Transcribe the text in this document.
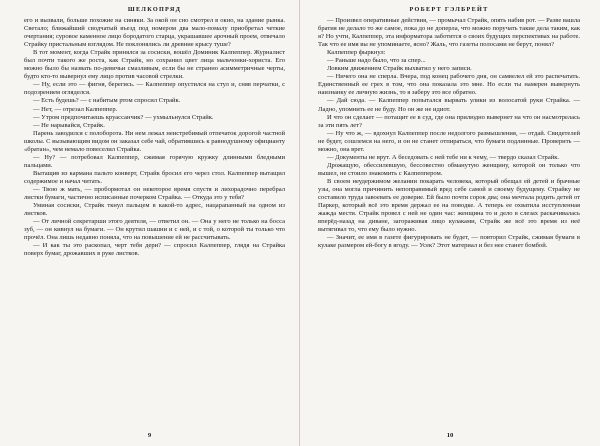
ШЕЛКОПРЯД

его и вызвали, больше похожие на синяки. За окой он сно смотрел в окно, на здание рынка. Светало; ближайший сводчатый въезд под номером два мало-помалу приобретал четкие очертания; суровое каменное лицо бородатого старца, украшавшее арочный проем, отвечало Страйку пристальным взглядом. Не поклонялись ли древние крысу туше?

В тот момент, когда Страйк принялся за сосиски, вошёл Доминик Калпеппер. Журналист был почти такого же роста, как Страйк, но сохранил цвет лица мальчонки-хориста. Его можно было бы назвать по-девичьи смазливым, если бы не странно асимметричные черты, будто кто-то вывернул ему лицо против часовой стрелки.

— Ну, если это — фигня, берегись. — Калпеппер опустился на стул и, сняв перчатки, с подозрением огляделся.

— Есть будешь? — с набитым ртом спросил Страйк.

— Нет, — отрезал Калпеппер.

— Утром предпочитаешь круассанчик? — ухмыльнулся Страйк.

— Не нарывайся, Страйк.

Парень заводился с полоборота. Ни нем лежал неистребимый отпечаток дорогой частной школы. С вызывающим видом он заказал себе чай, обратившись к равнодушному официанту «братан», чем немало повеселил Страйка.

— Ну? — потребовал Калпеппер, сжимая горячую кружку длинными бледными пальцами.

Вытащив из кармана пальто конверт, Страйк бросил его через стол. Калпеппер вытащил содержимое и начал читать.

— Твою ж мать, — пробормотал он некоторое время спустя и лихорадочно перебрал листки бумаги, частично исписанные почерком Страйка. — Откуда это у тебя?

Уминая сосиски, Страйк ткнул пальцем в какой-то адрес, нацарапанный на одном из листков.

— От личной секретарши этого деятеля, — ответил он. — Она у него не только на босса зуб, — он кивнул на бумаги. — Он крутил шашни и с ней, и с той, о которой ты только что прочёл. Она лишь недавно поняла, что на повышение ей не рассчитывать.

— И как ты это раскопал, черт тебя дери? — спросил Калпеппер, глядя на Страйка поверх бумаг, дрожавших в руке листков.

9
РОБЕРТ ГЭЛБРЕЙТ

— Произвел оперативные действия, — промычал Страйк, опять набив рот. — Разве вашла братия не делало то же самое, пока до не доперла, что можно поручать такие дела таким, как я? Но учти, Калпеппер, эта информатора заботится о своих будущих перспективах на работе. Так что ее имя вы не упоминаете, ясно? Жаль, что газеты полосами не берут, понял?

Калпеппер фыркнул:

— Раньше надо было, что за спер...

Ловким движением Страйк выхватил у него записи.

— Ничего она не сперла. Вчера, под конец рабочего дня, он самвелел ей это распечатать. Единственный ее грех в том, что она показала это мне. Но если ты намерен вывернуть наизнанку ее личную жизнь, то я заберу это все обратно.

— Дай сюда. — Калпеппер попытался вырвать улики из волосатой руки Страйка. — Ладно, упомнить ее не буду. Но он же не идиот.

И что он сделает — потащит ее в суд, где она прилюдно вывернет на что он насмотрелась за эти пять лет?

— Ну что ж, — вдохнул Калпеппер после недолгого размышления, — отдай. Свидетелей не будет, сошлемся на него, и он не станет отпираться, что бумаги подлинные. Проверить — можно, она врет.

— Документы не врут. А беседовать с ней тебе ни к чему, — твердо сказал Страйк.

Дрожащую, обессилевшую, бессовестно обманутую женщину, которой он только что вышел, не стоило знакомить с Калпеппером.

В своем неудержимом желании покарать человека, который обещал ей детей и брачные узы, она могла причинить непоправимый вред себе самой и своему будущему. Страйку не составило труда завоевать ее доверие. Ей было почти сорок два; она мечтала родить детей от Паркер, который всё это время держал ее на поводке. А теперь ее охватила исступленная жажда мести. Страйк провел с ней не один час: женщина то и дело в слезах раскачивалась вперёд-назад на диване, загораживая лицо кулаками, Страйк же всё это время из неё вытягивал то, что ему было нужно.

— Значит, ее имя в газете фигурировать не будет, — повторил Страйк, сжимая бумаги в кулаке размером ей-богу в ягоду. — Усек? Этот материал и без нее станет бомбой.

10
